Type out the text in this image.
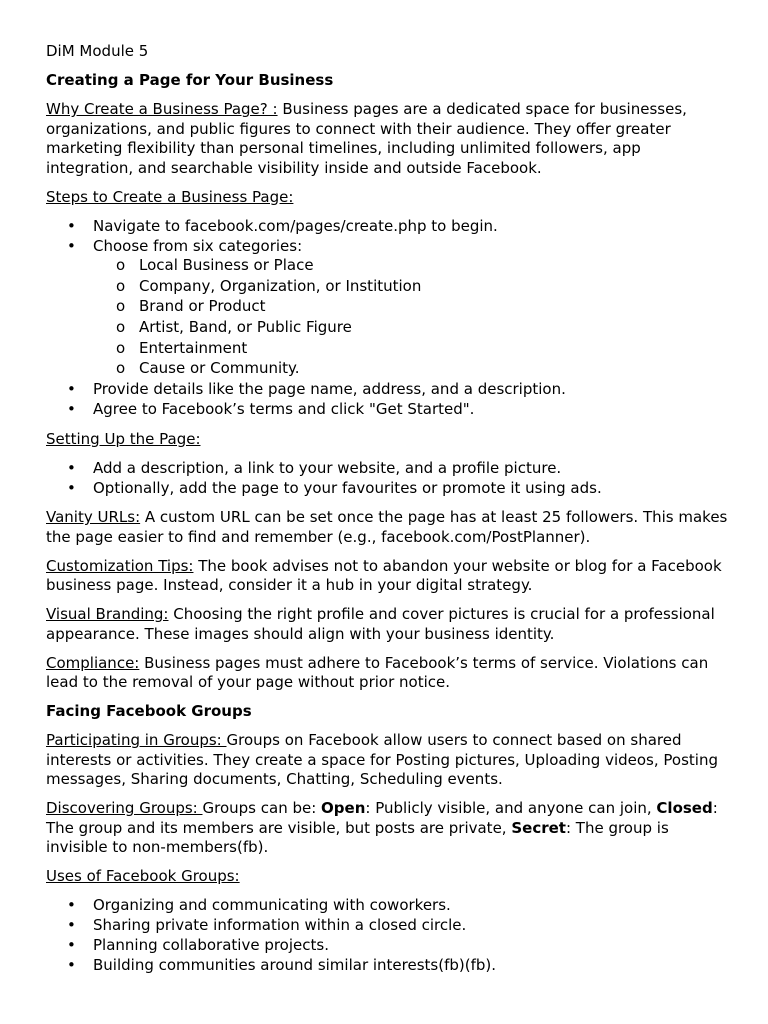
DiM Module 5

Creating a Page for Your Business

Why Create a Business Page? : Business pages are a dedicated space for businesses, organizations, and public figures to connect with their audience. They offer greater marketing flexibility than personal timelines, including unlimited followers, app integration, and searchable visibility inside and outside Facebook.

Steps to Create a Business Page:

• Navigate to facebook.com/pages/create.php to begin.
• Choose from six categories:
o Local Business or Place
o Company, Organization, or Institution
o Brand or Product
o Artist, Band, or Public Figure
o Entertainment
o Cause or Community.
• Provide details like the page name, address, and a description.
• Agree to Facebook’s terms and click "Get Started".

Setting Up the Page:

• Add a description, a link to your website, and a profile picture.
• Optionally, add the page to your favourites or promote it using ads.

Vanity URLs: A custom URL can be set once the page has at least 25 followers. This makes the page easier to find and remember (e.g., facebook.com/PostPlanner).

Customization Tips: The book advises not to abandon your website or blog for a Facebook business page. Instead, consider it a hub in your digital strategy.

Visual Branding: Choosing the right profile and cover pictures is crucial for a professional appearance. These images should align with your business identity.

Compliance: Business pages must adhere to Facebook’s terms of service. Violations can lead to the removal of your page without prior notice.

Facing Facebook Groups

Participating in Groups: Groups on Facebook allow users to connect based on shared interests or activities. They create a space for Posting pictures, Uploading videos, Posting messages, Sharing documents, Chatting, Scheduling events.

Discovering Groups: Groups can be: Open: Publicly visible, and anyone can join, Closed: The group and its members are visible, but posts are private, Secret: The group is invisible to non-members(fb).

Uses of Facebook Groups:

• Organizing and communicating with coworkers.
• Sharing private information within a closed circle.
• Planning collaborative projects.
• Building communities around similar interests(fb)(fb).
